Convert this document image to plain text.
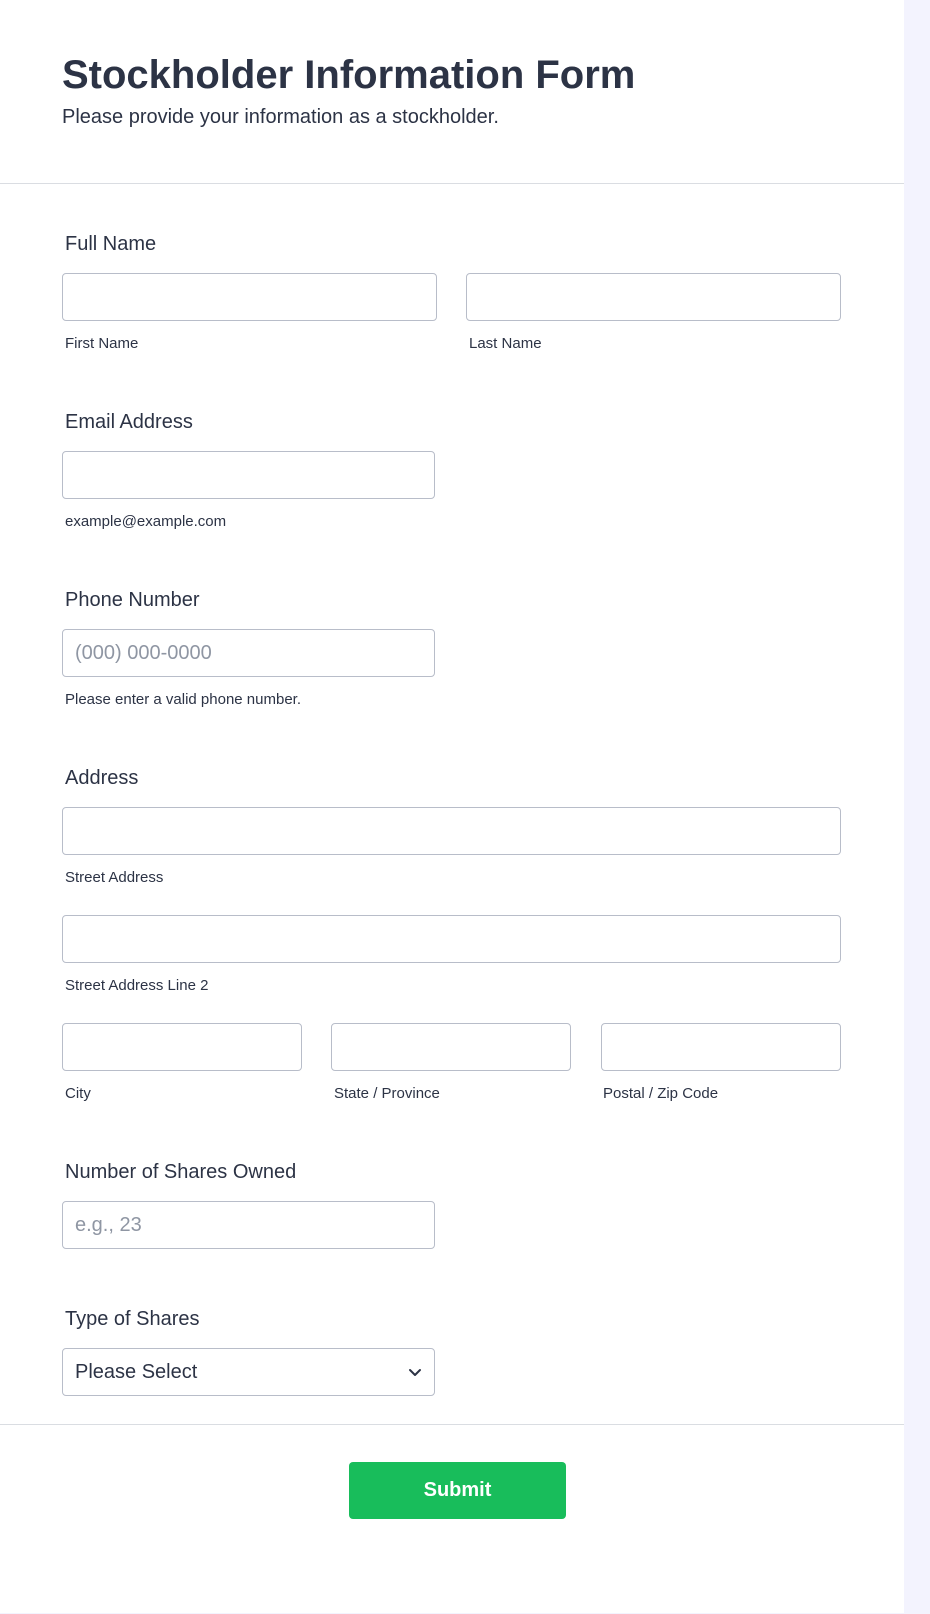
Stockholder Information Form

Please provide your information as a stockholder.

Full Name
First Name	Last Name
Email Address
example@example.com
Phone Number
(000) 000-0000
Please enter a valid phone number.
Address
Street Address
Street Address Line 2
City	State / Province	Postal / Zip Code
Number of Shares Owned
e.g., 23
Type of Shares
Please Select
Submit
